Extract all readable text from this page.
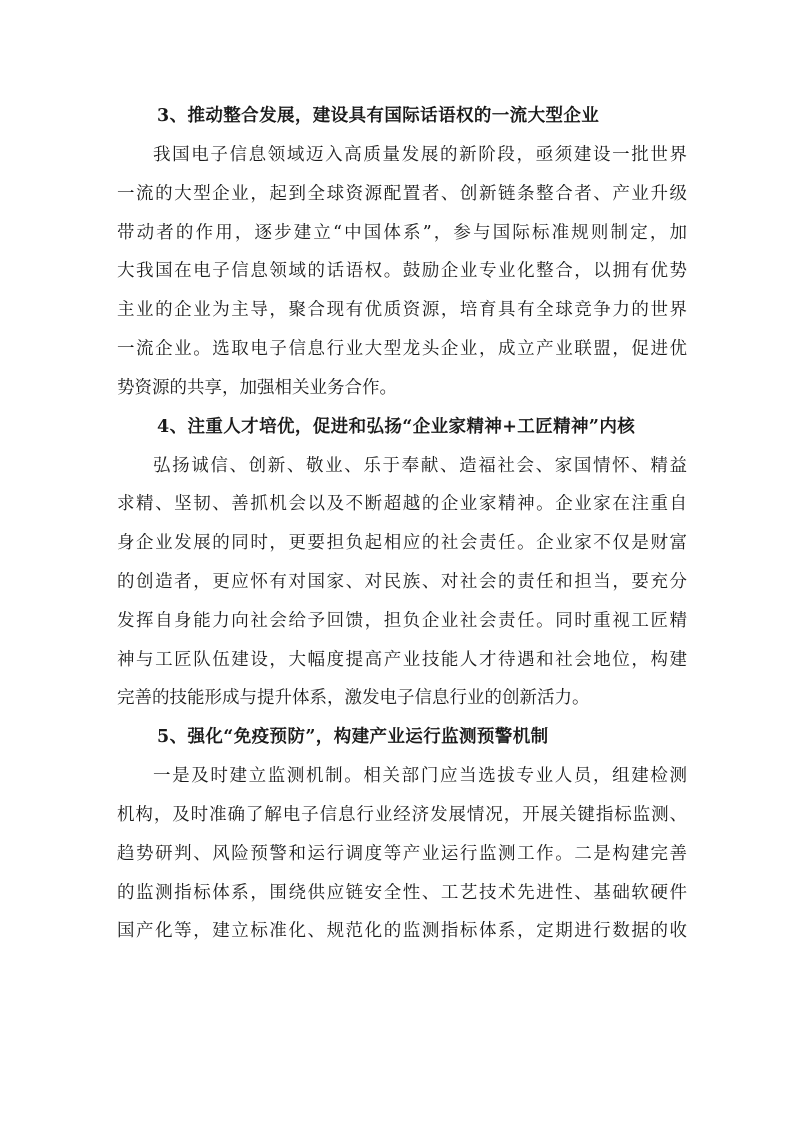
3、推动整合发展，建设具有国际话语权的一流大型企业
我国电子信息领域迈入高质量发展的新阶段，亟须建设一批世界
一流的大型企业，起到全球资源配置者、创新链条整合者、产业升级
带动者的作用，逐步建立“中国体系”，参与国际标准规则制定，加
大我国在电子信息领域的话语权。鼓励企业专业化整合，以拥有优势
主业的企业为主导，聚合现有优质资源，培育具有全球竞争力的世界
一流企业。选取电子信息行业大型龙头企业，成立产业联盟，促进优
势资源的共享，加强相关业务合作。
4、注重人才培优，促进和弘扬“企业家精神+工匠精神”内核
弘扬诚信、创新、敬业、乐于奉献、造福社会、家国情怀、精益
求精、坚韧、善抓机会以及不断超越的企业家精神。企业家在注重自
身企业发展的同时，更要担负起相应的社会责任。企业家不仅是财富
的创造者，更应怀有对国家、对民族、对社会的责任和担当，要充分
发挥自身能力向社会给予回馈，担负企业社会责任。同时重视工匠精
神与工匠队伍建设，大幅度提高产业技能人才待遇和社会地位，构建
完善的技能形成与提升体系，激发电子信息行业的创新活力。
5、强化“免疫预防”，构建产业运行监测预警机制
一是及时建立监测机制。相关部门应当选拔专业人员，组建检测
机构，及时准确了解电子信息行业经济发展情况，开展关键指标监测、
趋势研判、风险预警和运行调度等产业运行监测工作。二是构建完善
的监测指标体系，围绕供应链安全性、工艺技术先进性、基础软硬件
国产化等，建立标准化、规范化的监测指标体系，定期进行数据的收
